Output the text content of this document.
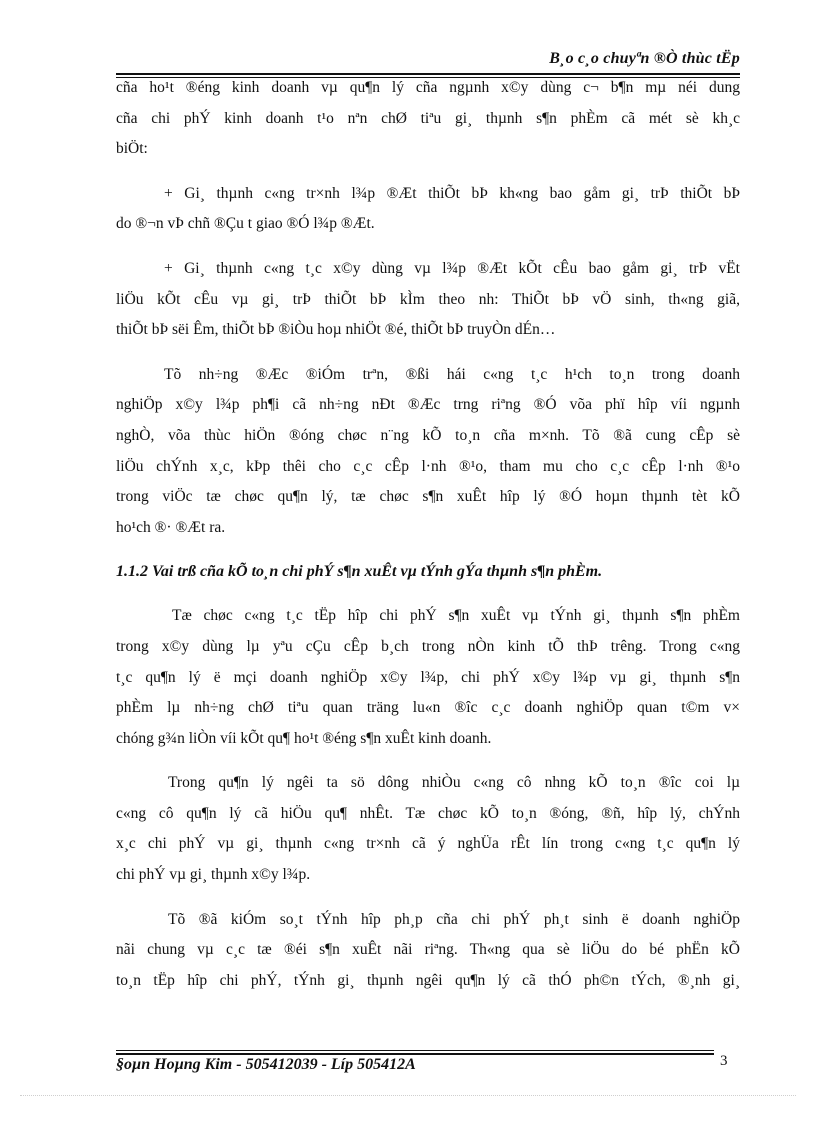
B¸o c¸o chuyªn ®Ò thùc tËp

cña ho¹t ®éng kinh doanh vµ qu¶n lý cña ngµnh x©y dùng c¬ b¶n mµ néi dung
cña chi phÝ kinh doanh t¹o nªn chØ tiªu gi¸ thµnh s¶n phÈm cã mét sè kh¸c
biÖt:

+ Gi¸ thµnh c«ng tr×nh l¾p ®Æt thiÕt bÞ kh«ng bao gåm gi¸ trÞ thiÕt bÞ
do ®¬n vÞ chñ ®Çu t giao ®Ó l¾p ®Æt.

+ Gi¸ thµnh c«ng t¸c x©y dùng vµ l¾p ®Æt kÕt cÊu bao gåm gi¸ trÞ vËt
liÖu kÕt cÊu vµ gi¸ trÞ thiÕt bÞ kÌm theo nh: ThiÕt bÞ vÖ sinh, th«ng giã,
thiÕt bÞ sëi Êm, thiÕt bÞ ®iÒu hoµ nhiÖt ®é, thiÕt bÞ truyÒn dÉn…

Tõ nh÷ng ®Æc ®iÓm trªn, ®ßi hái c«ng t¸c h¹ch to¸n trong doanh
nghiÖp x©y l¾p ph¶i cã nh÷ng nÐt ®Æc trng riªng ®Ó võa phï hîp víi ngµnh
nghÒ, võa thùc hiÖn ®óng chøc n¨ng kÕ to¸n cña m×nh. Tõ ®ã cung cÊp sè
liÖu chÝnh x¸c, kÞp thêi cho c¸c cÊp l·nh ®¹o, tham mu cho c¸c cÊp l·nh ®¹o
trong viÖc tæ chøc qu¶n lý, tæ chøc s¶n xuÊt hîp lý ®Ó hoµn thµnh tèt kÕ
ho¹ch ®· ®Æt ra.

1.1.2 Vai trß cña kÕ to¸n chi phÝ s¶n xuÊt vµ tÝnh gÝa thµnh s¶n phÈm.

Tæ chøc c«ng t¸c tËp hîp chi phÝ s¶n xuÊt vµ tÝnh gi¸ thµnh s¶n phÈm
trong x©y dùng lµ yªu cÇu cÊp b¸ch trong nÒn kinh tÕ thÞ trêng. Trong c«ng
t¸c qu¶n lý ë mçi doanh nghiÖp x©y l¾p, chi phÝ x©y l¾p vµ gi¸ thµnh s¶n
phÈm lµ nh÷ng chØ tiªu quan träng lu«n ®îc c¸c doanh nghiÖp quan t©m v×
chóng g¾n liÒn víi kÕt qu¶ ho¹t ®éng s¶n xuÊt kinh doanh.

Trong qu¶n lý ngêi ta sö dông nhiÒu c«ng cô nhng kÕ to¸n ®îc coi lµ
c«ng cô qu¶n lý cã hiÖu qu¶ nhÊt. Tæ chøc kÕ to¸n ®óng, ®ñ, hîp lý, chÝnh
x¸c chi phÝ vµ gi¸ thµnh c«ng tr×nh cã ý nghÜa rÊt lín trong c«ng t¸c qu¶n lý
chi phÝ vµ gi¸ thµnh x©y l¾p.

Tõ ®ã kiÓm so¸t tÝnh hîp ph¸p cña chi phÝ ph¸t sinh ë doanh nghiÖp
nãi chung vµ c¸c tæ ®éi s¶n xuÊt nãi riªng. Th«ng qua sè liÖu do bé phËn kÕ
to¸n tËp hîp chi phÝ, tÝnh gi¸ thµnh ngêi qu¶n lý cã thÓ ph©n tÝch, ®¸nh gi¸

§oµn Hoµng Kim - 505412039 - Líp 505412A	3
